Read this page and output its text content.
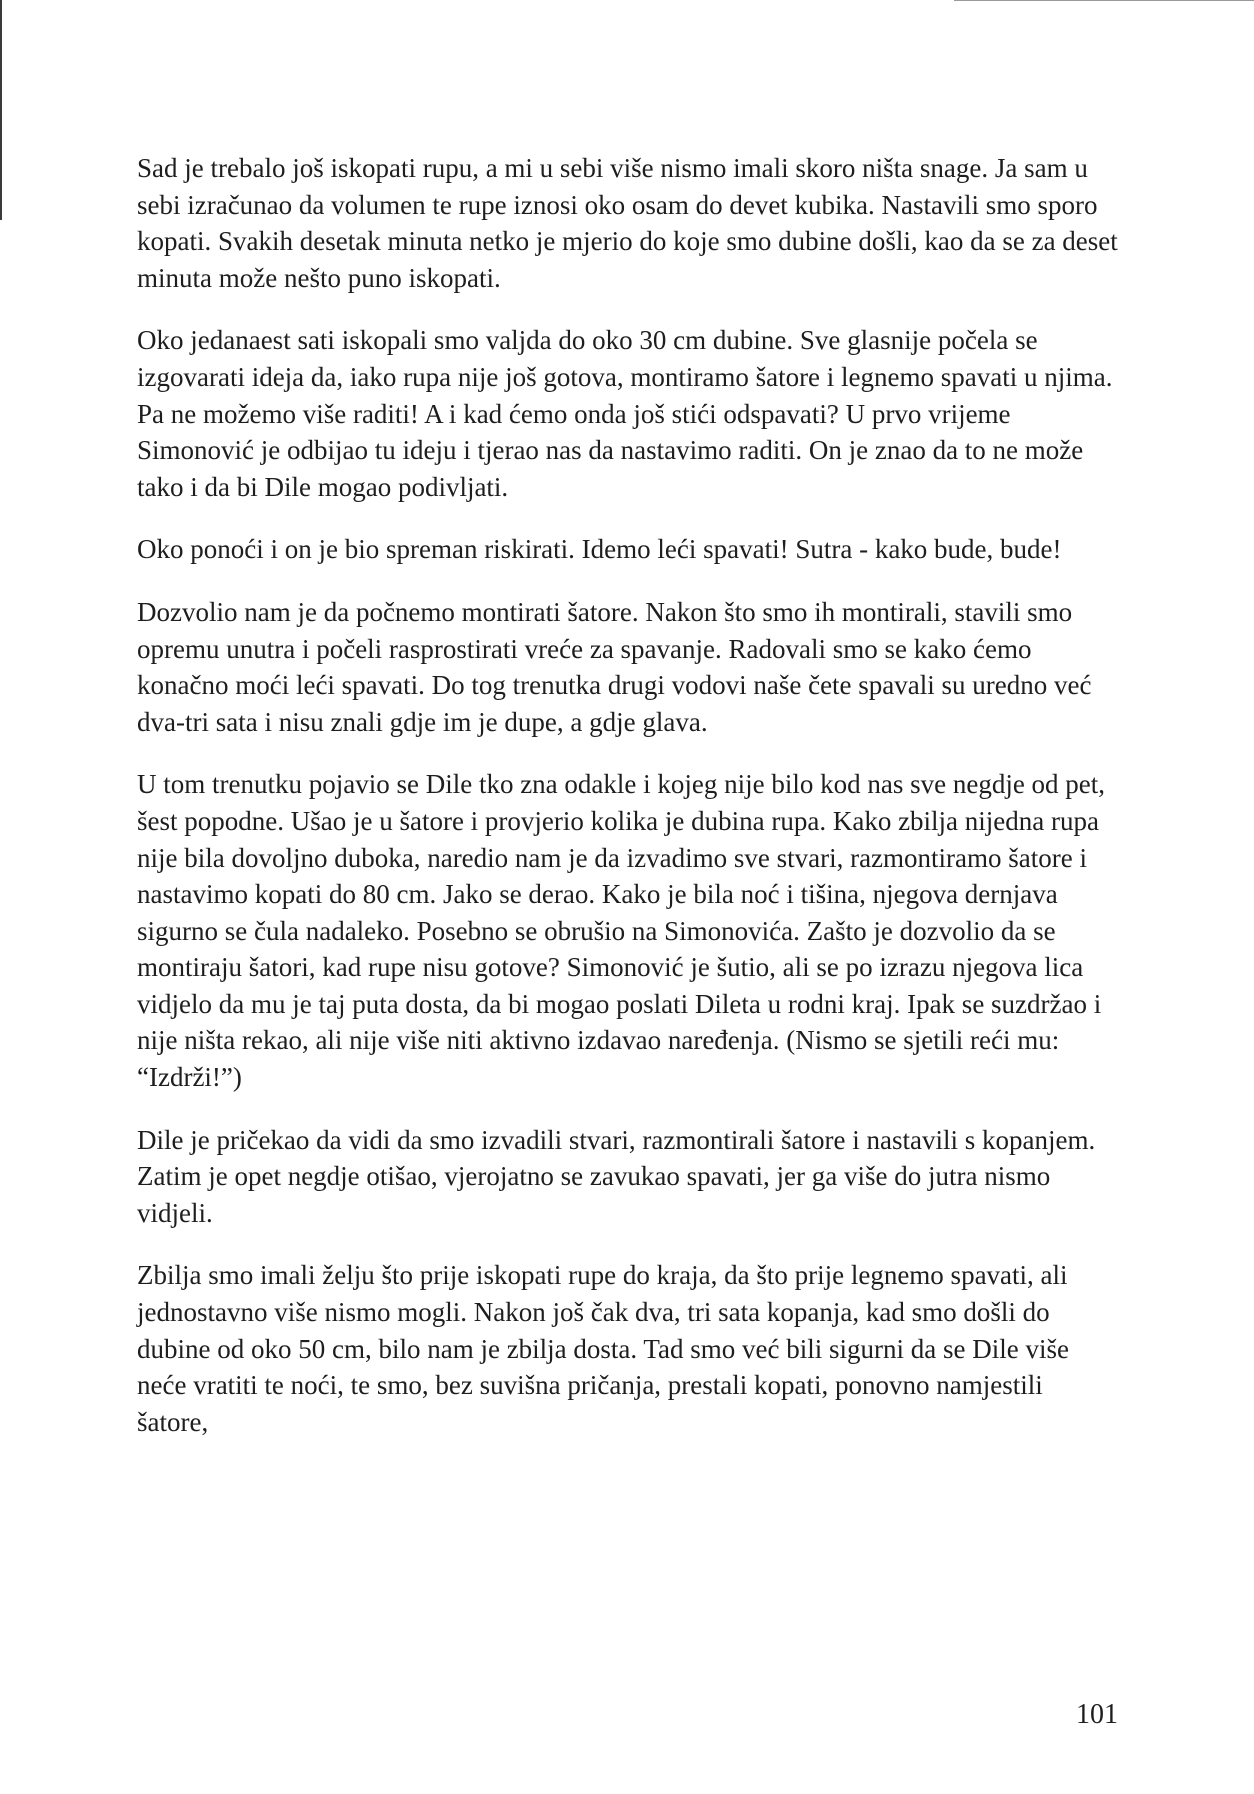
Sad je trebalo još iskopati rupu, a mi u sebi više nismo imali skoro ništa snage. Ja sam u sebi izračunao da volumen te rupe iznosi oko osam do devet kubika. Nastavili smo sporo kopati. Svakih desetak minuta netko je mjerio do koje smo dubine došli, kao da se za deset minuta može nešto puno iskopati.

Oko jedanaest sati iskopali smo valjda do oko 30 cm dubine. Sve glasnije počela se izgovarati ideja da, iako rupa nije još gotova, montiramo šatore i legnemo spavati u njima. Pa ne možemo više raditi! A i kad ćemo onda još stići odspavati? U prvo vrijeme Simonović je odbijao tu ideju i tjerao nas da nastavimo raditi. On je znao da to ne može tako i da bi Dile mogao podivljati.

Oko ponoći i on je bio spreman riskirati. Idemo leći spavati! Sutra - kako bude, bude!

Dozvolio nam je da počnemo montirati šatore. Nakon što smo ih montirali, stavili smo opremu unutra i počeli rasprostirati vreće za spavanje. Radovali smo se kako ćemo konačno moći leći spavati. Do tog trenutka drugi vodovi naše čete spavali su uredno već dva-tri sata i nisu znali gdje im je dupe, a gdje glava.

U tom trenutku pojavio se Dile tko zna odakle i kojeg nije bilo kod nas sve negdje od pet, šest popodne. Ušao je u šatore i provjerio kolika je dubina rupa. Kako zbilja nijedna rupa nije bila dovoljno duboka, naredio nam je da izvadimo sve stvari, razmontiramo šatore i nastavimo kopati do 80 cm. Jako se derao. Kako je bila noć i tišina, njegova dernjava sigurno se čula nadaleko. Posebno se obrušio na Simonovića. Zašto je dozvolio da se montiraju šatori, kad rupe nisu gotove? Simonović je šutio, ali se po izrazu njegova lica vidjelo da mu je taj puta dosta, da bi mogao poslati Dileta u rodni kraj. Ipak se suzdržao i nije ništa rekao, ali nije više niti aktivno izdavao naređenja. (Nismo se sjetili reći mu: “Izdrži!”)

Dile je pričekao da vidi da smo izvadili stvari, razmontirali šatore i nastavili s kopanjem. Zatim je opet negdje otišao, vjerojatno se zavukao spavati, jer ga više do jutra nismo vidjeli.

Zbilja smo imali želju što prije iskopati rupe do kraja, da što prije legnemo spavati, ali jednostavno više nismo mogli. Nakon još čak dva, tri sata kopanja, kad smo došli do dubine od oko 50 cm, bilo nam je zbilja dosta. Tad smo već bili sigurni da se Dile više neće vratiti te noći, te smo, bez suvišna pričanja, prestali kopati, ponovno namjestili šatore,

101
